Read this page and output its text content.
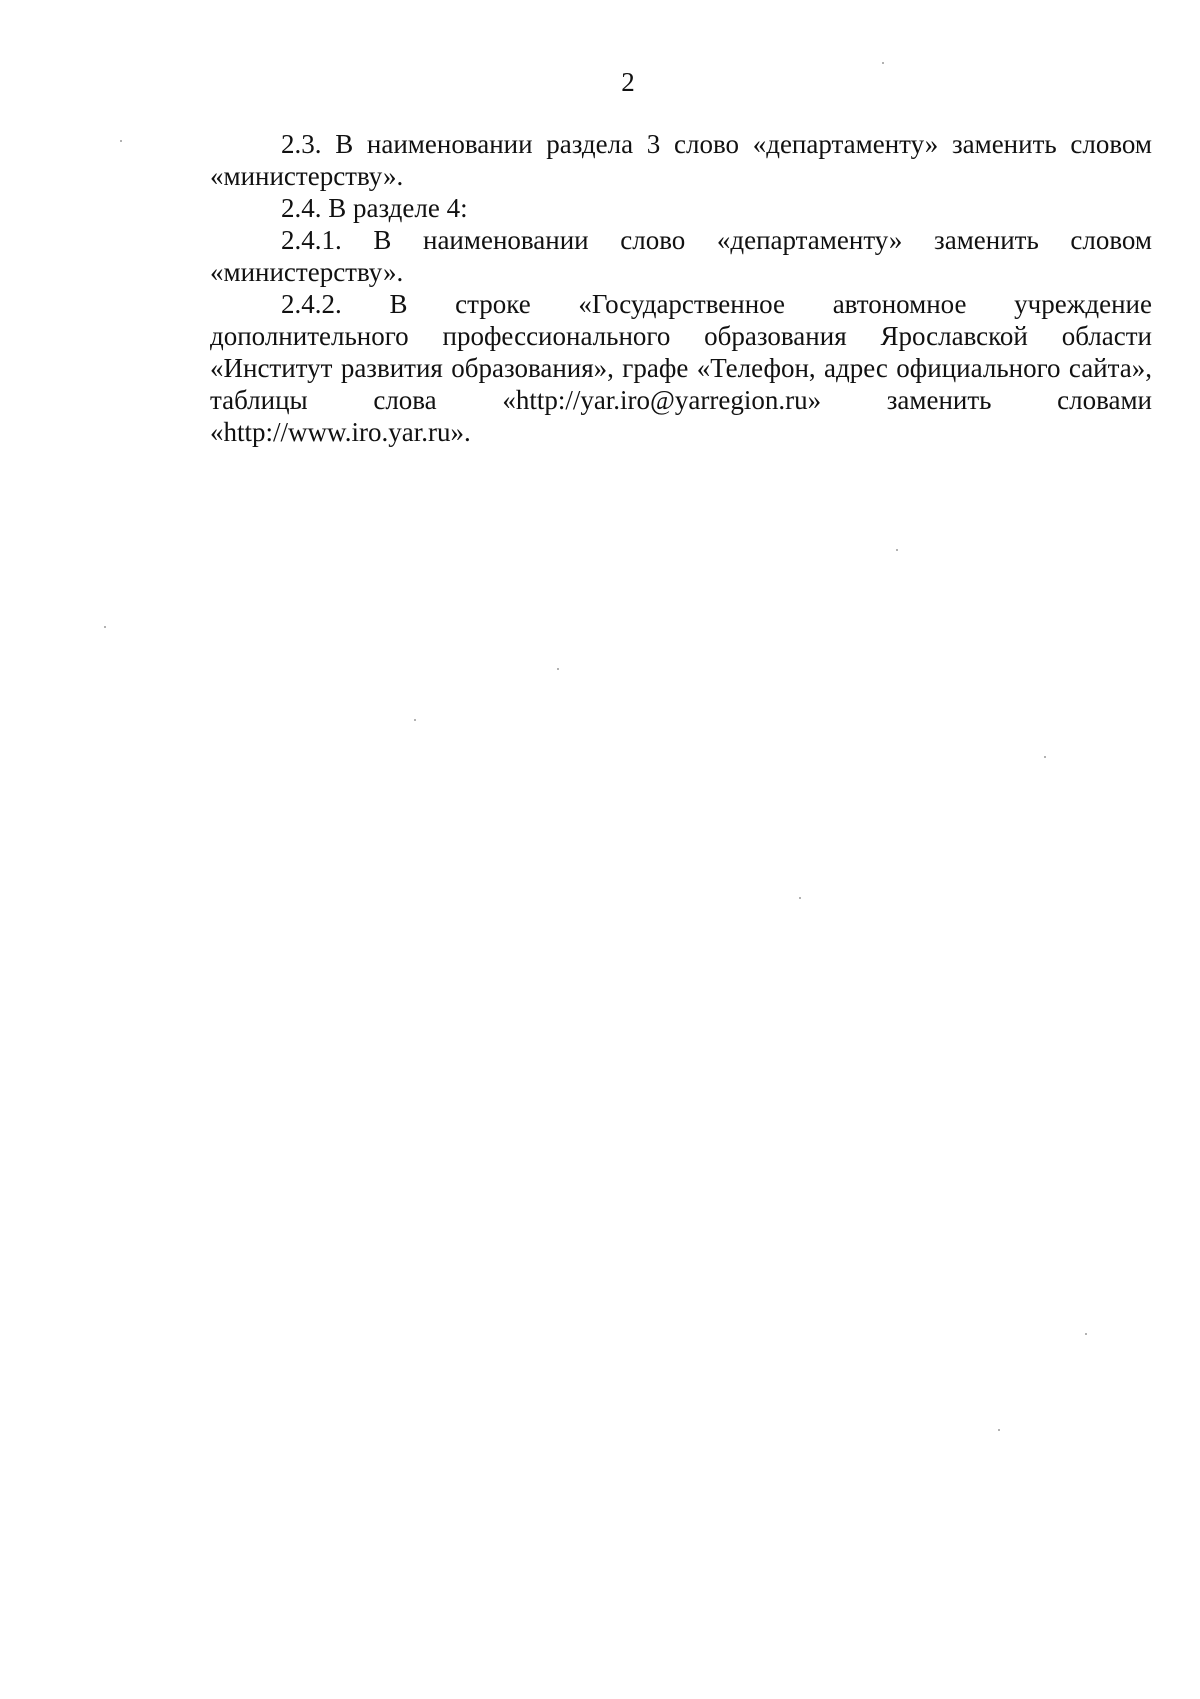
2

2.3. В наименовании раздела 3 слово «департаменту» заменить словом «министерству».

2.4. В разделе 4:

2.4.1. В наименовании слово «департаменту» заменить словом «министерству».

2.4.2. В строке «Государственное автономное учреждение дополнительного профессионального образования Ярославской области «Институт развития образования», графе «Телефон, адрес официального сайта», таблицы слова «http://yar.iro@yarregion.ru» заменить словами «http://www.iro.yar.ru».
